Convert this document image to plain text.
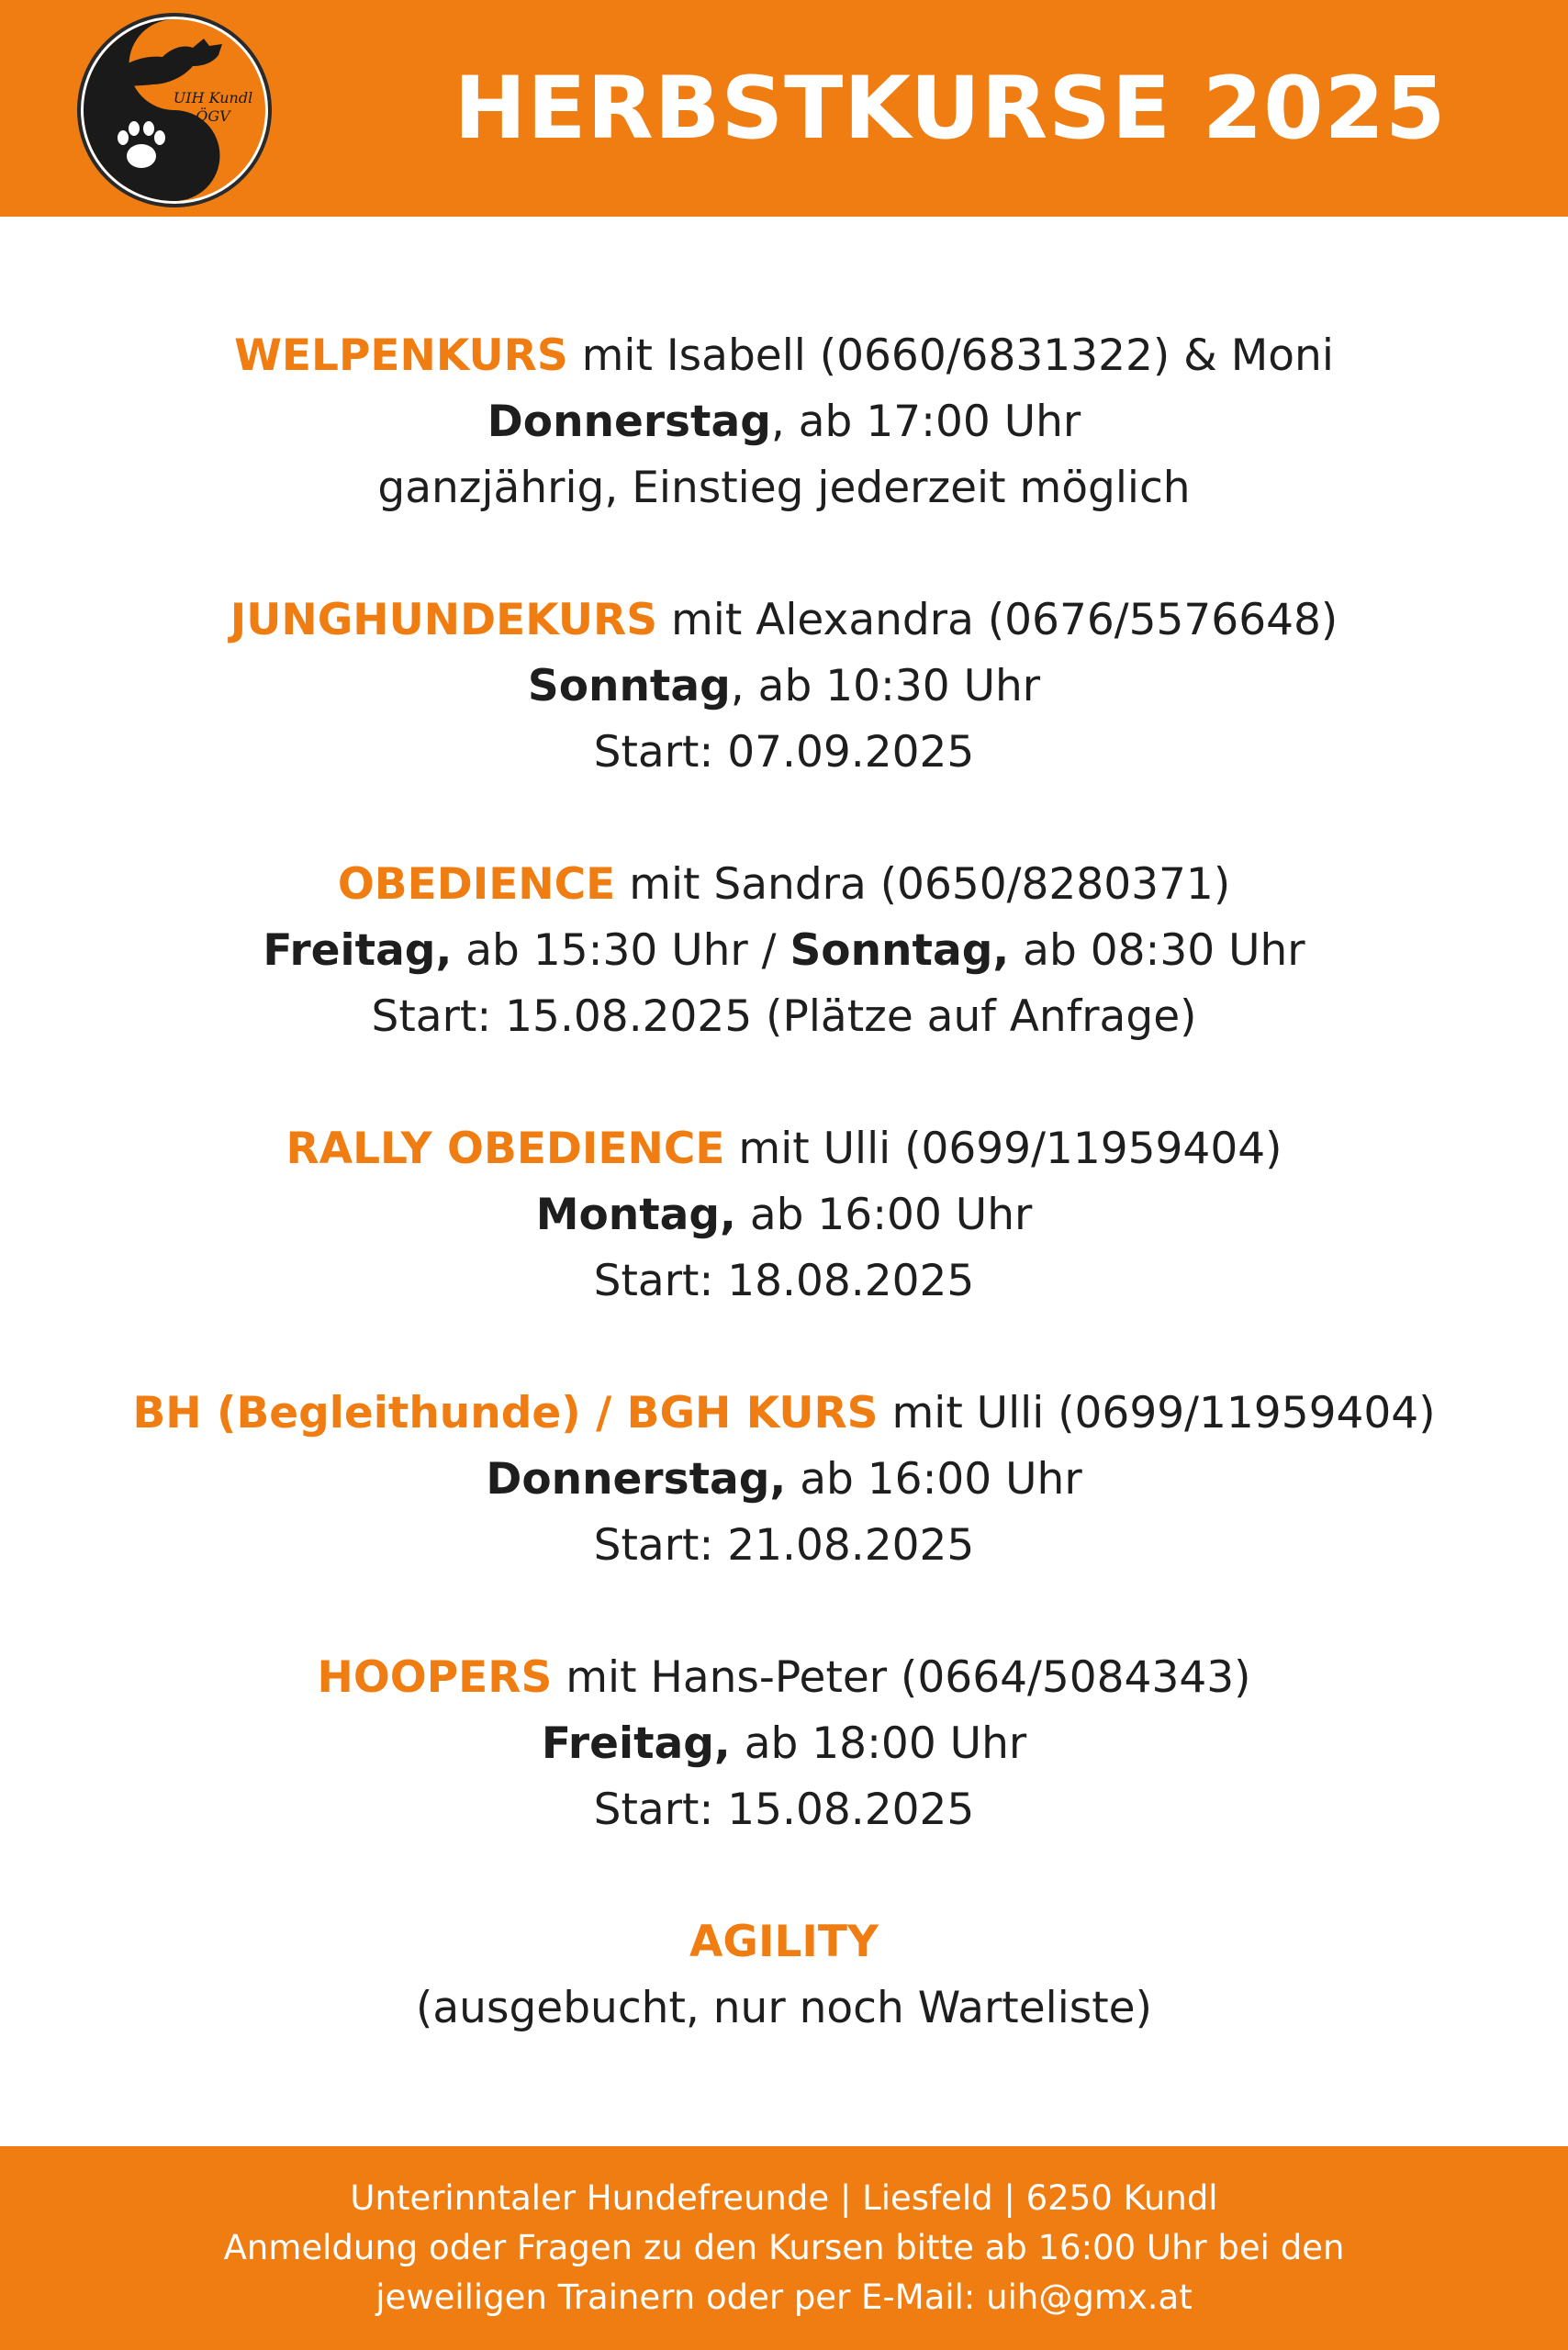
UIH Kundl
ÖGV	HERBSTKURSE 2025
WELPENKURS mit Isabell (0660/6831322) & Moni
Donnerstag, ab 17:00 Uhr
ganzjährig, Einstieg jederzeit möglich
JUNGHUNDEKURS mit Alexandra (0676/5576648)
Sonntag, ab 10:30 Uhr
Start: 07.09.2025
OBEDIENCE mit Sandra (0650/8280371)
Freitag, ab 15:30 Uhr / Sonntag, ab 08:30 Uhr
Start: 15.08.2025 (Plätze auf Anfrage)
RALLY OBEDIENCE mit Ulli (0699/11959404)
Montag, ab 16:00 Uhr
Start: 18.08.2025
BH (Begleithunde) / BGH KURS mit Ulli (0699/11959404)
Donnerstag, ab 16:00 Uhr
Start: 21.08.2025
HOOPERS mit Hans-Peter (0664/5084343)
Freitag, ab 18:00 Uhr
Start: 15.08.2025
AGILITY
(ausgebucht, nur noch Warteliste)
Unterinntaler Hundefreunde | Liesfeld | 6250 Kundl
Anmeldung oder Fragen zu den Kursen bitte ab 16:00 Uhr bei den
jeweiligen Trainern oder per E-Mail: uih@gmx.at
